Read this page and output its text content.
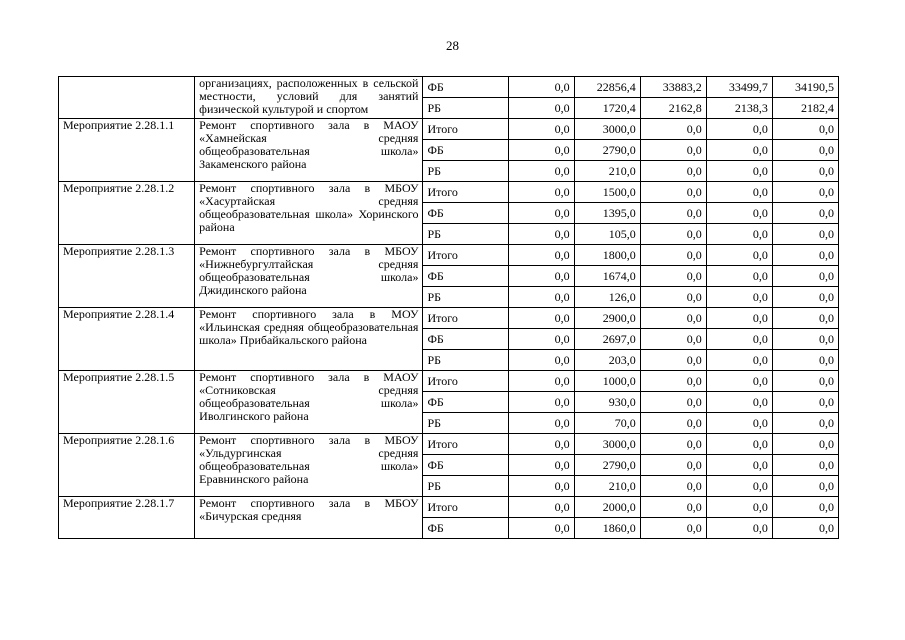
28
	организациях, расположенных в сельской местности, условий для занятий физической культурой и спортом	ФБ	0,0	22856,4	33883,2	33499,7	34190,5
		РБ	0,0	1720,4	2162,8	2138,3	2182,4
Мероприятие 2.28.1.1	Ремонт спортивного зала в МАОУ «Хамнейская средняя общеобразовательная школа» Закаменского района	Итого	0,0	3000,0	0,0	0,0	0,0
		ФБ	0,0	2790,0	0,0	0,0	0,0
		РБ	0,0	210,0	0,0	0,0	0,0
Мероприятие 2.28.1.2	Ремонт спортивного зала в МБОУ «Хасуртайская средняя общеобразовательная школа» Хоринского района	Итого	0,0	1500,0	0,0	0,0	0,0
		ФБ	0,0	1395,0	0,0	0,0	0,0
		РБ	0,0	105,0	0,0	0,0	0,0
Мероприятие 2.28.1.3	Ремонт спортивного зала в МБОУ «Нижнебургултайская средняя общеобразовательная школа» Джидинского района	Итого	0,0	1800,0	0,0	0,0	0,0
		ФБ	0,0	1674,0	0,0	0,0	0,0
		РБ	0,0	126,0	0,0	0,0	0,0
Мероприятие 2.28.1.4	Ремонт спортивного зала в МОУ «Ильинская средняя общеобразовательная школа» Прибайкальского района	Итого	0,0	2900,0	0,0	0,0	0,0
		ФБ	0,0	2697,0	0,0	0,0	0,0
		РБ	0,0	203,0	0,0	0,0	0,0
Мероприятие 2.28.1.5	Ремонт спортивного зала в МАОУ «Сотниковская средняя общеобразовательная школа» Иволгинского района	Итого	0,0	1000,0	0,0	0,0	0,0
		ФБ	0,0	930,0	0,0	0,0	0,0
		РБ	0,0	70,0	0,0	0,0	0,0
Мероприятие 2.28.1.6	Ремонт спортивного зала в МБОУ «Ульдургинская средняя общеобразовательная школа» Еравнинского района	Итого	0,0	3000,0	0,0	0,0	0,0
		ФБ	0,0	2790,0	0,0	0,0	0,0
		РБ	0,0	210,0	0,0	0,0	0,0
Мероприятие 2.28.1.7	Ремонт спортивного зала в МБОУ «Бичурская средняя	Итого	0,0	2000,0	0,0	0,0	0,0
		ФБ	0,0	1860,0	0,0	0,0	0,0
